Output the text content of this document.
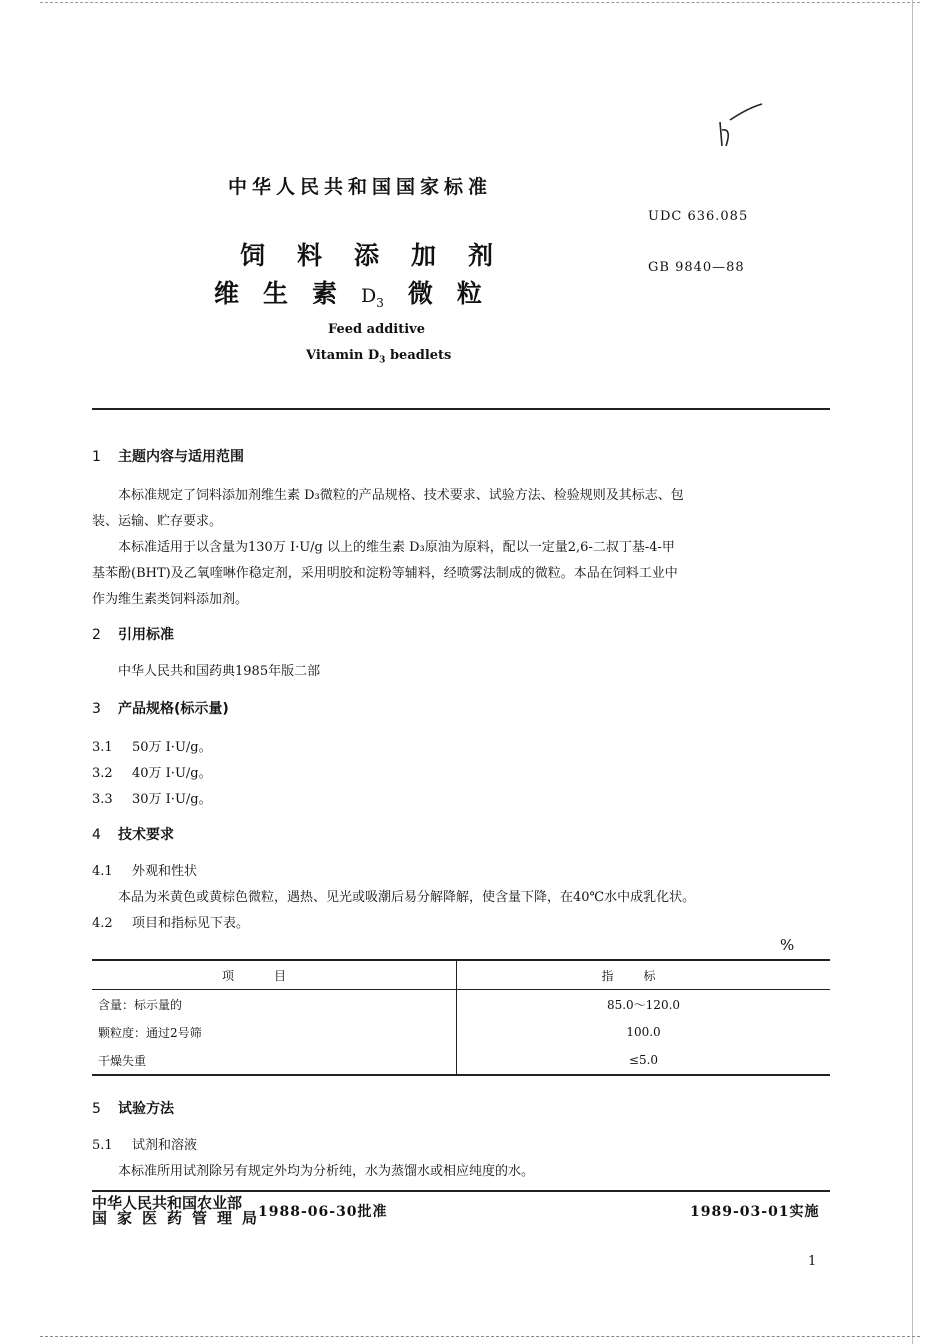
中华人民共和国国家标准
UDC 636.085
GB 9840—88
饲料添加剂
维生素$D_3$ 微粒
Feed additive
Vitamin $D_3$ beadlets
1 主题内容与适用范围
本标准规定了饲料添加剂维生素 D₃微粒的产品规格、技术要求、试验方法、检验规则及其标志、包
装、运输、贮存要求。
本标准适用于以含量为130万 I·U/g 以上的维生素 D₃原油为原料，配以一定量2,6-二叔丁基-4-甲
基苯酚(BHT)及乙氧喹啉作稳定剂，采用明胶和淀粉等辅料，经喷雾法制成的微粒。本品在饲料工业中
作为维生素类饲料添加剂。
2 引用标准
中华人民共和国药典1985年版二部
3 产品规格(标示量)
3.1 50万 I·U/g。
3.2 40万 I·U/g。
3.3 30万 I·U/g。
4 技术要求
4.1 外观和性状
本品为米黄色或黄棕色微粒，遇热、见光或吸潮后易分解降解，使含量下降，在40℃水中成乳化状。
4.2 项目和指标见下表。
%
项目	指标
含量：标示量的	85.0～120.0
颗粒度：通过2号筛	100.0
干燥失重	≤5.0
5 试验方法
5.1 试剂和溶液
本标准所用试剂除另有规定外均为分析纯，水为蒸馏水或相应纯度的水。
中华人民共和国农业部
国家医药管理局
1988-06-30批准	1989-03-01实施
1
